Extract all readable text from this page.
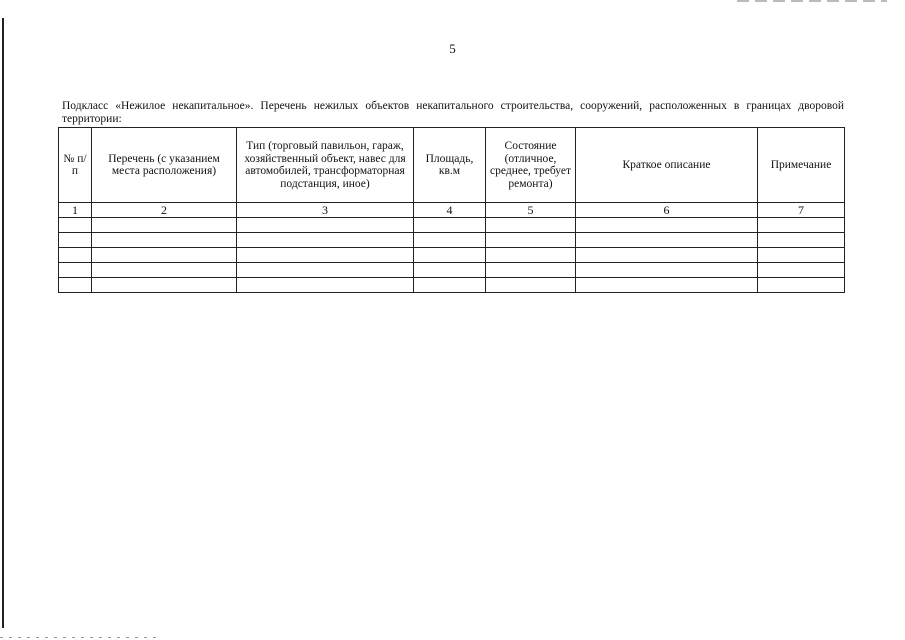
5
Подкласс «Нежилое некапитальное». Перечень нежилых объектов некапитального строительства, сооружений, расположенных в границах дворовой территории:
№ п/п	Перечень (с указанием места расположения)	Тип (торговый павильон, гараж, хозяйственный объект, навес для автомобилей, трансформаторная подстанция, иное)	Площадь, кв.м	Состояние (отличное, среднее, требует ремонта)	Краткое описание	Примечание
1	2	3	4	5	6	7
